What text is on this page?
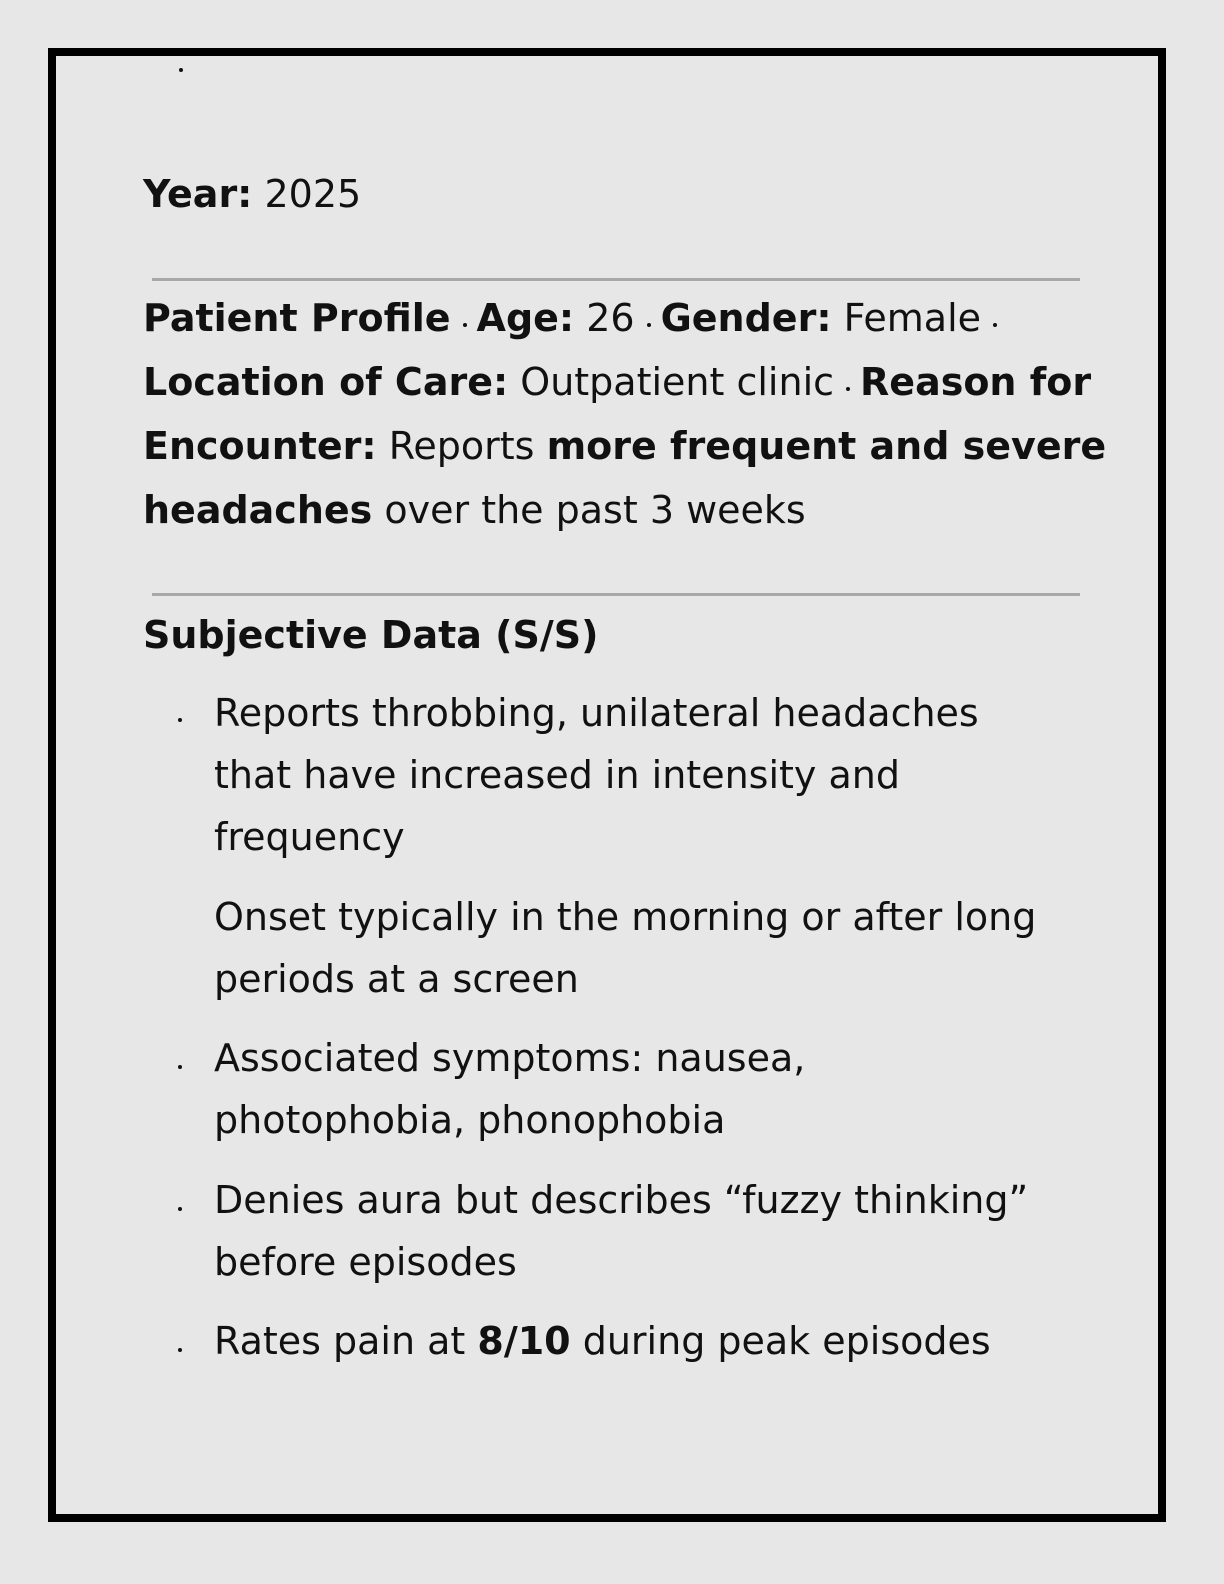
Year: 2025

Patient Profile Age: 26 Gender: Female

Location of Care: Outpatient clinic Reason for

Encounter: Reports more frequent and severe

headaches over the past 3 weeks

Subjective Data (S/S)

Reports throbbing, unilateral headaches

that have increased in intensity and

frequency

Onset typically in the morning or after long

periods at a screen

Associated symptoms: nausea,

photophobia, phonophobia

Denies aura but describes “fuzzy thinking”

before episodes

Rates pain at 8/10 during peak episodes
